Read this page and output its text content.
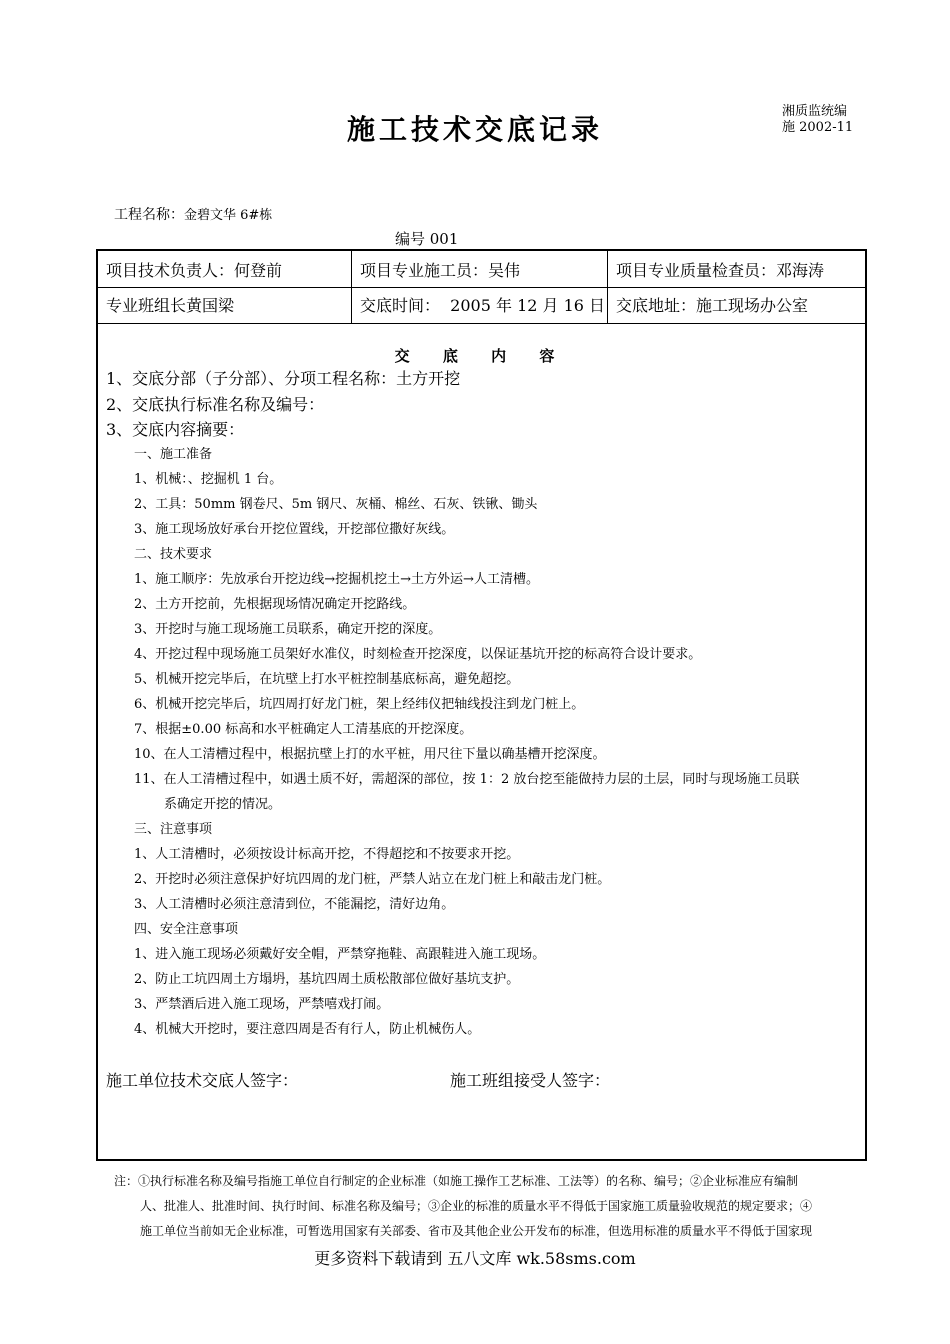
施工技术交底记录
湘质监统编
施 2002-11
工程名称：金碧文华 6#栋
编号 001
项目技术负责人：何登前	项目专业施工员：吴伟	项目专业质量检查员：邓海涛
专业班组长黄国梁	交底时间：  2005 年 12 月 16 日 交底地址：施工现场办公室
交 底 内 容
1、交底分部（子分部）、分项工程名称：土方开挖
2、交底执行标准名称及编号：
3、交底内容摘要：
一、施工准备
1、机械：、挖掘机 1 台。
2、工具：50mm 钢卷尺、5m 钢尺、灰桶、棉丝、石灰、铁锹、锄头
3、施工现场放好承台开挖位置线，开挖部位撒好灰线。
二、技术要求
1、施工顺序：先放承台开挖边线→挖掘机挖土→土方外运→人工清槽。
2、土方开挖前，先根据现场情况确定开挖路线。
3、开挖时与施工现场施工员联系，确定开挖的深度。
4、开挖过程中现场施工员架好水准仪，时刻检查开挖深度，以保证基坑开挖的标高符合设计要求。
5、机械开挖完毕后，在坑壁上打水平桩控制基底标高，避免超挖。
6、机械开挖完毕后，坑四周打好龙门桩，架上经纬仪把轴线投注到龙门桩上。
7、根据±0.00 标高和水平桩确定人工清基底的开挖深度。
10、在人工清槽过程中，根据抗壁上打的水平桩，用尺往下量以确基槽开挖深度。
11、在人工清槽过程中，如遇土质不好，需超深的部位，按 1：2 放台挖至能做持力层的土层，同时与现场施工员联
系确定开挖的情况。
三、注意事项
1、人工清槽时，必须按设计标高开挖，不得超挖和不按要求开挖。
2、开挖时必须注意保护好坑四周的龙门桩，严禁人站立在龙门桩上和敲击龙门桩。
3、人工清槽时必须注意清到位，不能漏挖，清好边角。
四、安全注意事项
1、进入施工现场必须戴好安全帽，严禁穿拖鞋、高跟鞋进入施工现场。
2、防止工坑四周土方塌坍，基坑四周土质松散部位做好基坑支护。
3、严禁酒后进入施工现场，严禁嘻戏打闹。
4、机械大开挖时，要注意四周是否有行人，防止机械伤人。
施工单位技术交底人签字：	施工班组接受人签字：
注：①执行标准名称及编号指施工单位自行制定的企业标准（如施工操作工艺标准、工法等）的名称、编号；②企业标准应有编制
人、批准人、批准时间、执行时间、标准名称及编号；③企业的标准的质量水平不得低于国家施工质量验收规范的规定要求；④
施工单位当前如无企业标准，可暂选用国家有关部委、省市及其他企业公开发布的标准，但选用标准的质量水平不得低于国家现
更多资料下载请到 五八文库 wk.58sms.com
